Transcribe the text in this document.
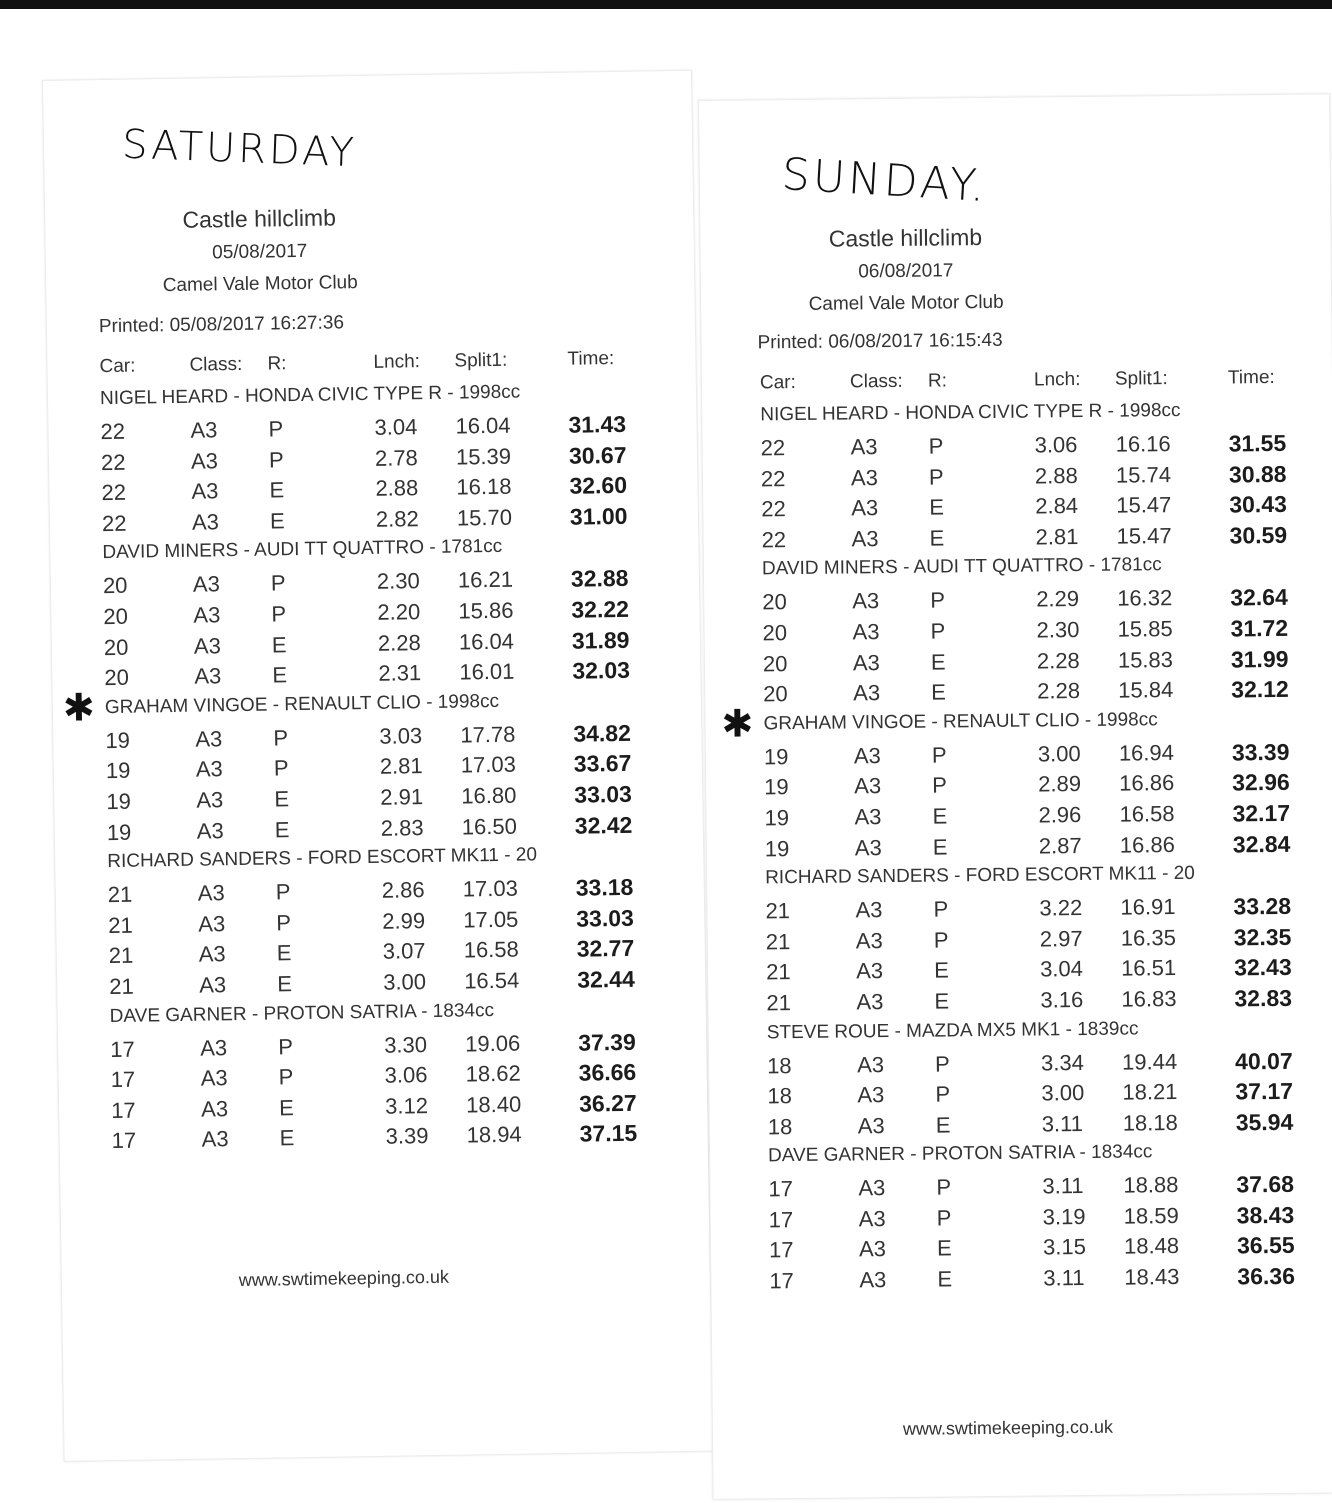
SATURDAY
Castle hillclimb
05/08/2017
Camel Vale Motor Club
Printed: 05/08/2017 16:27:36
Car:	Class: R:	Lnch: Split1:	Time:
NIGEL HEARD - HONDA CIVIC TYPE R - 1998cc
22	A3 P	3.04 16.04	31.43
22	A3 P	2.78 15.39	30.67
22	A3 E	2.88 16.18	32.60
22	A3 E	2.82 15.70	31.00
DAVID MINERS - AUDI TT QUATTRO - 1781cc
20	A3 P	2.30 16.21	32.88
20	A3 P	2.20 15.86	32.22
20	A3 E	2.28 16.04	31.89
20	A3 E	2.31 16.01	32.03
✱ GRAHAM VINGOE - RENAULT CLIO - 1998cc
19	A3 P	3.03 17.78	34.82
19	A3 P	2.81 17.03	33.67
19	A3 E	2.91 16.80	33.03
19	A3 E	2.83 16.50	32.42
RICHARD SANDERS - FORD ESCORT MK11 - 20
21	A3 P	2.86 17.03	33.18
21	A3 P	2.99 17.05	33.03
21	A3 E	3.07 16.58	32.77
21	A3 E	3.00 16.54	32.44
DAVE GARNER - PROTON SATRIA - 1834cc
17	A3 P	3.30 19.06	37.39
17	A3 P	3.06 18.62	36.66
17	A3 E	3.12 18.40	36.27
17	A3 E	3.39 18.94	37.15
www.swtimekeeping.co.uk
SUNDAY.
Castle hillclimb
06/08/2017
Camel Vale Motor Club
Printed: 06/08/2017 16:15:43
Car:	Class: R:	Lnch: Split1:	Time:
NIGEL HEARD - HONDA CIVIC TYPE R - 1998cc
22	A3 P	3.06 16.16	31.55
22	A3 P	2.88 15.74	30.88
22	A3 E	2.84 15.47	30.43
22	A3 E	2.81 15.47	30.59
DAVID MINERS - AUDI TT QUATTRO - 1781cc
20	A3 P	2.29 16.32	32.64
20	A3 P	2.30 15.85	31.72
20	A3 E	2.28 15.83	31.99
20	A3 E	2.28 15.84	32.12
✱ GRAHAM VINGOE - RENAULT CLIO - 1998cc
19	A3 P	3.00 16.94	33.39
19	A3 P	2.89 16.86	32.96
19	A3 E	2.96 16.58	32.17
19	A3 E	2.87 16.86	32.84
RICHARD SANDERS - FORD ESCORT MK11 - 20
21	A3 P	3.22 16.91	33.28
21	A3 P	2.97 16.35	32.35
21	A3 E	3.04 16.51	32.43
21	A3 E	3.16 16.83	32.83
STEVE ROUE - MAZDA MX5 MK1 - 1839cc
18	A3 P	3.34 19.44	40.07
18	A3 P	3.00 18.21	37.17
18	A3 E	3.11 18.18	35.94
DAVE GARNER - PROTON SATRIA - 1834cc
17	A3 P	3.11 18.88	37.68
17	A3 P	3.19 18.59	38.43
17	A3 E	3.15 18.48	36.55
17	A3 E	3.11 18.43	36.36
www.swtimekeeping.co.uk
